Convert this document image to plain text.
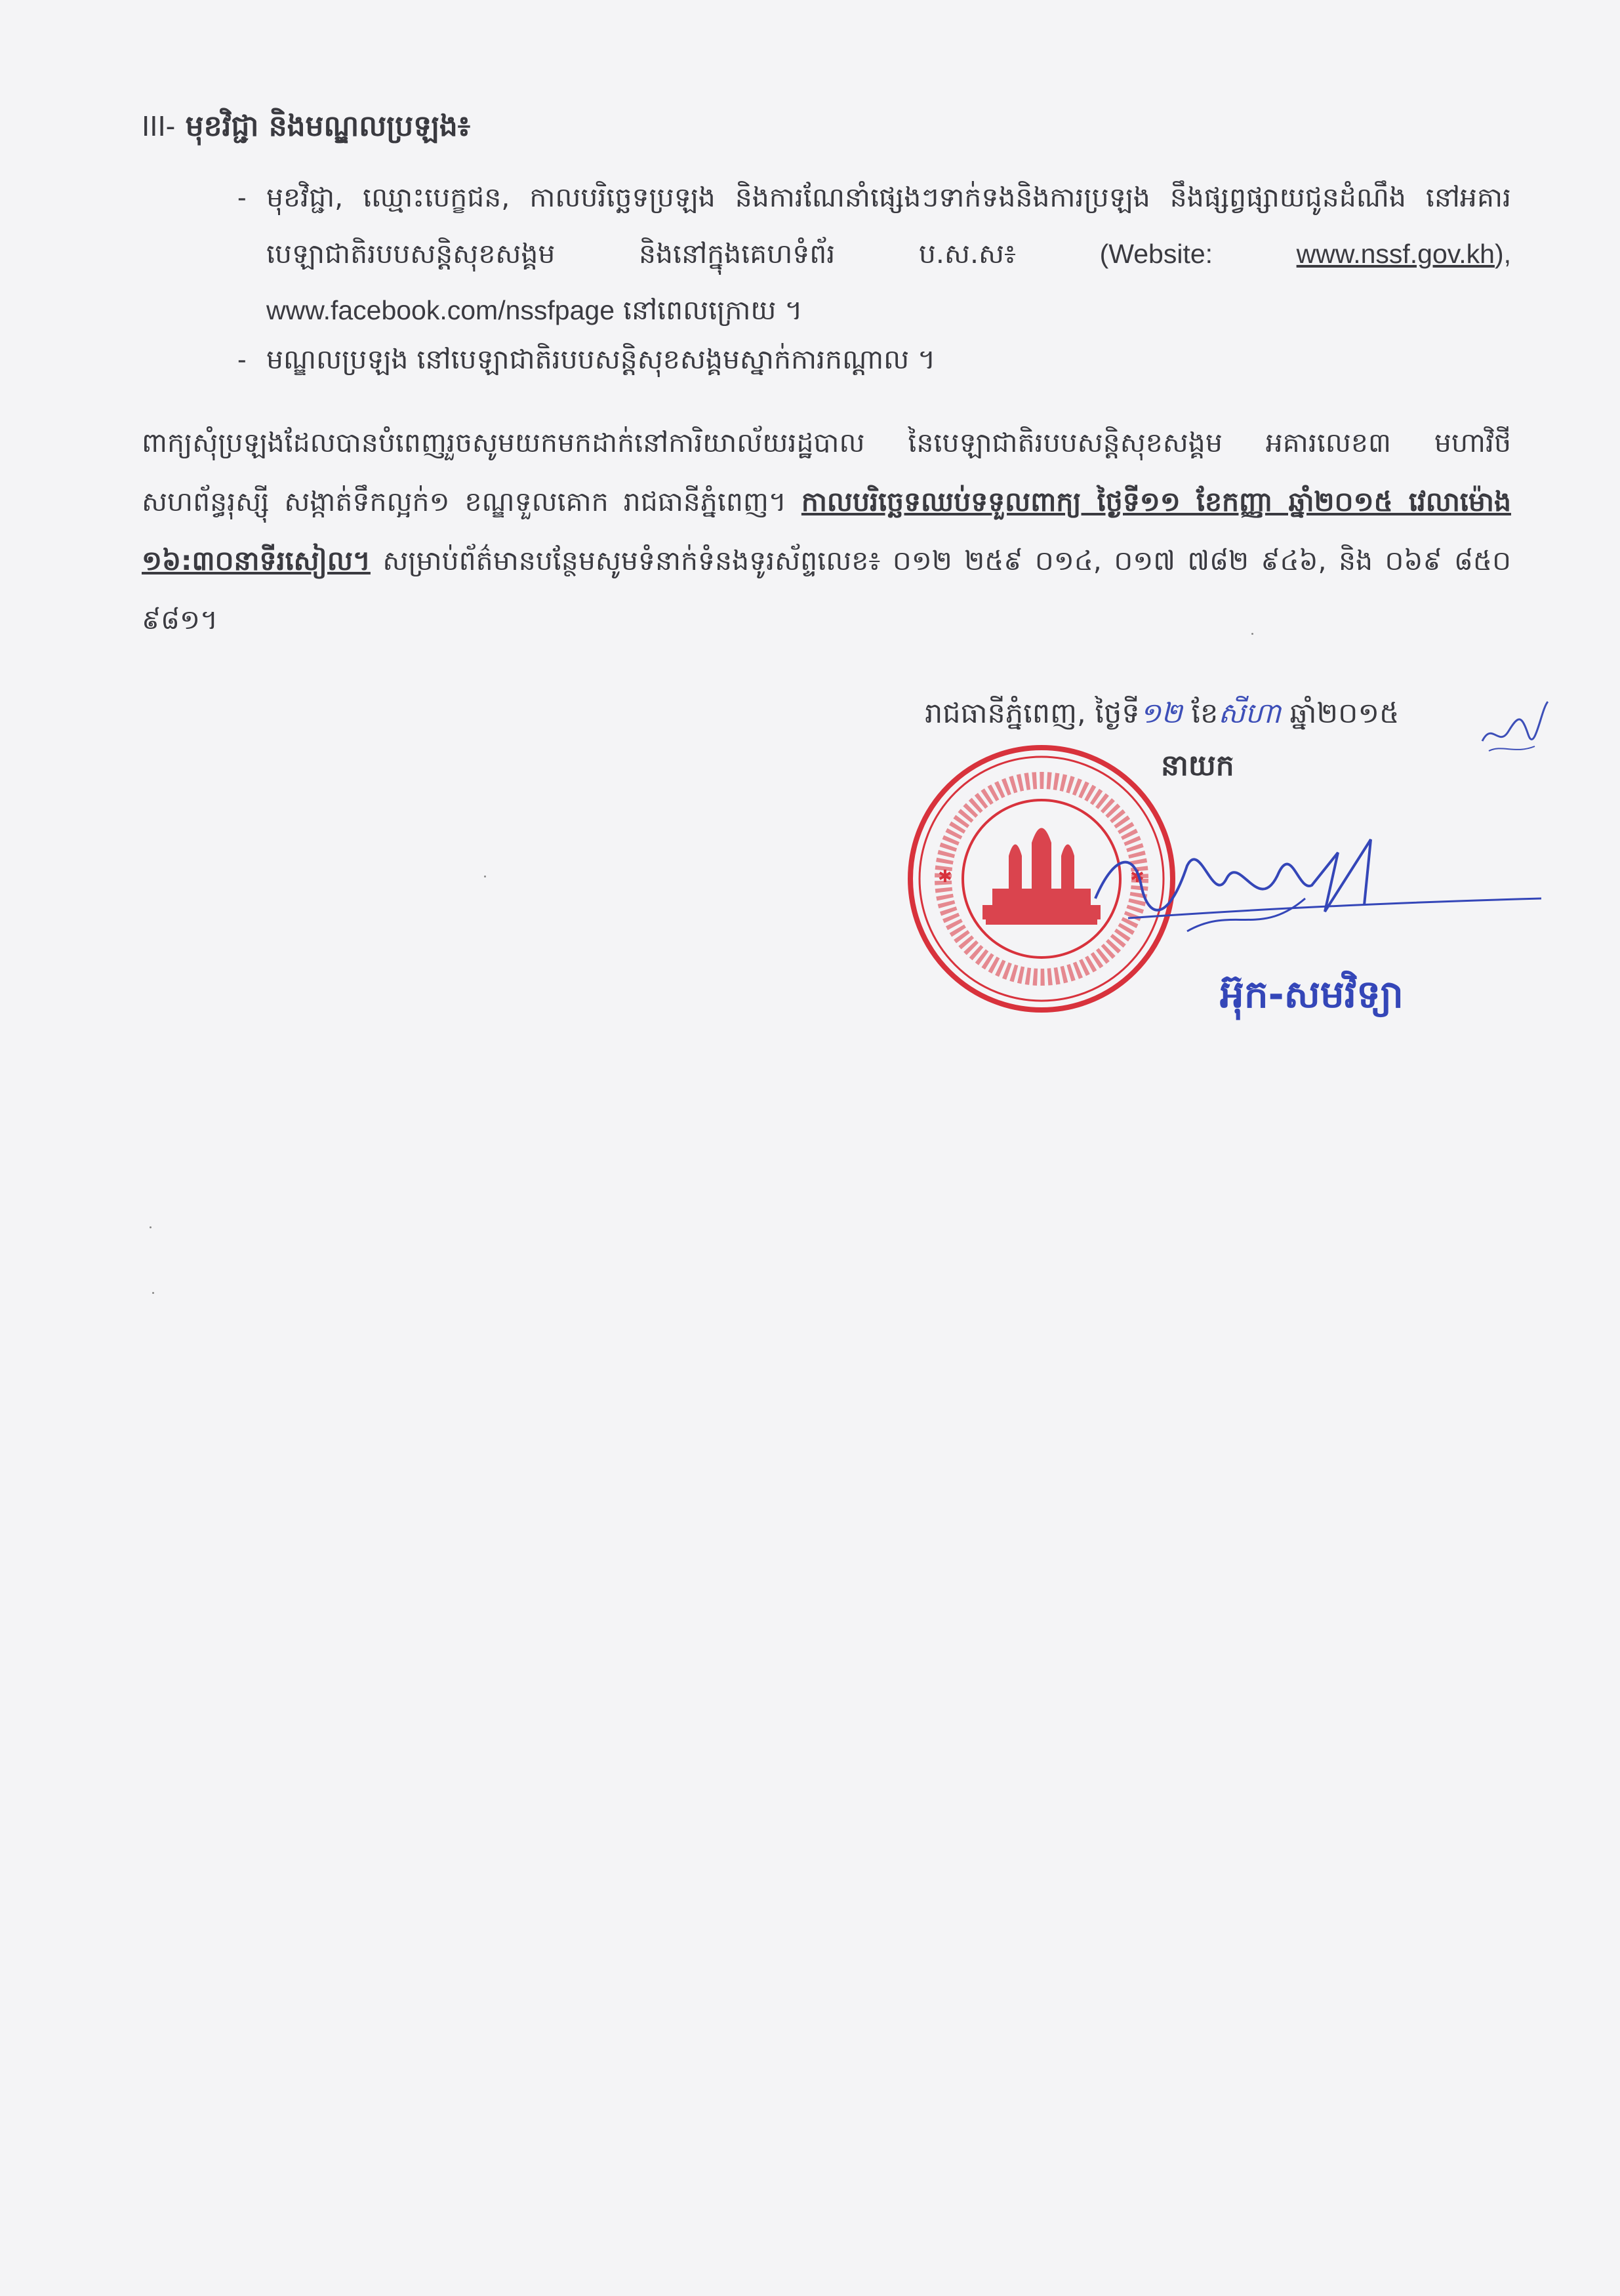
III- មុខវិជ្ជា និងមណ្ឌលប្រឡង៖
- មុខវិជ្ជា, ឈ្មោះបេក្ខជន, កាលបរិច្ឆេទប្រឡង និងការណែនាំផ្សេងៗទាក់ទងនិងការប្រឡង នឹងផ្សព្វផ្សាយជូនដំណឹង នៅអគារបេឡាជាតិរបបសន្តិសុខសង្គម និងនៅក្នុងគេហទំព័រ ប.ស.ស៖	(Website:	www.nssf.gov.kh), www.facebook.com/nssfpage នៅពេលក្រោយ ។
- មណ្ឌលប្រឡង នៅបេឡាជាតិរបបសន្តិសុខសង្គមស្នាក់ការកណ្តាល ។
ពាក្យសុំប្រឡងដែលបានបំពេញរួចសូមយកមកដាក់នៅការិយាល័យរដ្ឋបាល នៃបេឡាជាតិរបបសន្តិសុខសង្គម អគារលេខ៣ មហាវិថីសហព័ន្ធរុស្ស៊ី សង្កាត់ទឹកល្អក់១ ខណ្ឌទួលគោក រាជធានីភ្នំពេញ។ កាលបរិច្ឆេទឈប់ទទួលពាក្យ ថ្ងៃទី១១ ខែកញ្ញា ឆ្នាំ២០១៥ វេលាម៉ោង ១៦:៣០នាទីរសៀល។ សម្រាប់ព័ត៌មានបន្ថែមសូមទំនាក់ទំនងទូរស័ព្ទលេខ៖ ០១២ ២៥៩ ០១៤, ០១៧ ៧៨២ ៩៤៦, និង ០៦៩ ៨៥០ ៩៨១។
រាជធានីភ្នំពេញ, ថ្ងៃទី១២ ខែសីហា ឆ្នាំ២០១៥
នាយក
✱	✱
អ៊ុក-សមវិទ្យា
